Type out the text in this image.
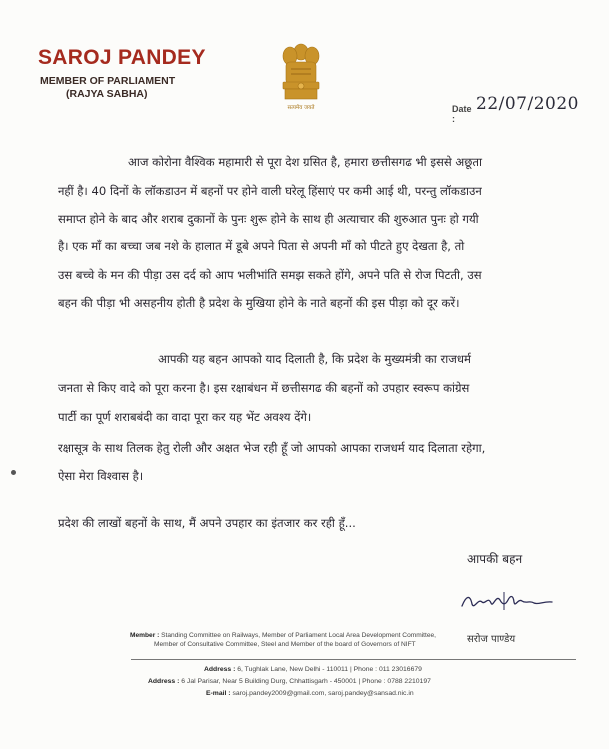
SAROJ PANDEY
MEMBER OF PARLIAMENT
(RAJYA SABHA)
सत्यमेव जयते	Date :
22/07/2020
आज कोरोना वैश्विक महामारी से पूरा देश ग्रसित है, हमारा छत्तीसगढ भी इससे अछूता
नहीं है। 40 दिनों के लॉकडाउन में बहनों पर होने वाली घरेलू हिंसाएं पर कमी आई थी, परन्तु लॉकडाउन
समाप्त होने के बाद और शराब दुकानों के पुनः शुरू होने के साथ ही अत्याचार की शुरुआत पुनः हो गयी
है। एक माँ का बच्चा जब नशे के हालात में डूबे अपने पिता से अपनी माँ को पीटते हुए देखता है, तो
उस बच्चे के मन की पीड़ा उस दर्द को आप भलीभांति समझ सकते होंगे, अपने पति से रोज पिटती, उस
बहन की पीड़ा भी असहनीय होती है प्रदेश के मुखिया होने के नाते बहनों की इस पीड़ा को दूर करें।
आपकी यह बहन आपको याद दिलाती है, कि प्रदेश के मुख्यमंत्री का राजधर्म
जनता से किए वादे को पूरा करना है। इस रक्षाबंधन में छत्तीसगढ की बहनों को उपहार स्वरूप कांग्रेस
पार्टी का पूर्ण शराबबंदी का वादा पूरा कर यह भेंट अवश्य देंगे।
रक्षासूत्र के साथ तिलक हेतु रोली और अक्षत भेज रही हूँ जो आपको आपका राजधर्म याद दिलाता रहेगा,
ऐसा मेरा विश्वास है।
प्रदेश की लाखों बहनों के साथ, मैं अपने उपहार का इंतजार कर रही हूँ...
आपकी बहन
Member : Standing Committee on Railways, Member of Parliament Local Area Development Committee,
Member of Consultative Committee, Steel and Member of the board of Governors of NIFT	सरोज पाण्डेय
Address : 6, Tughlak Lane, New Delhi - 110011 | Phone : 011 23016679
Address : 6 Jal Parisar, Near 5 Building Durg, Chhattisgarh - 450001 | Phone : 0788 2210197
E-mail : saroj.pandey2009@gmail.com, saroj.pandey@sansad.nic.in
